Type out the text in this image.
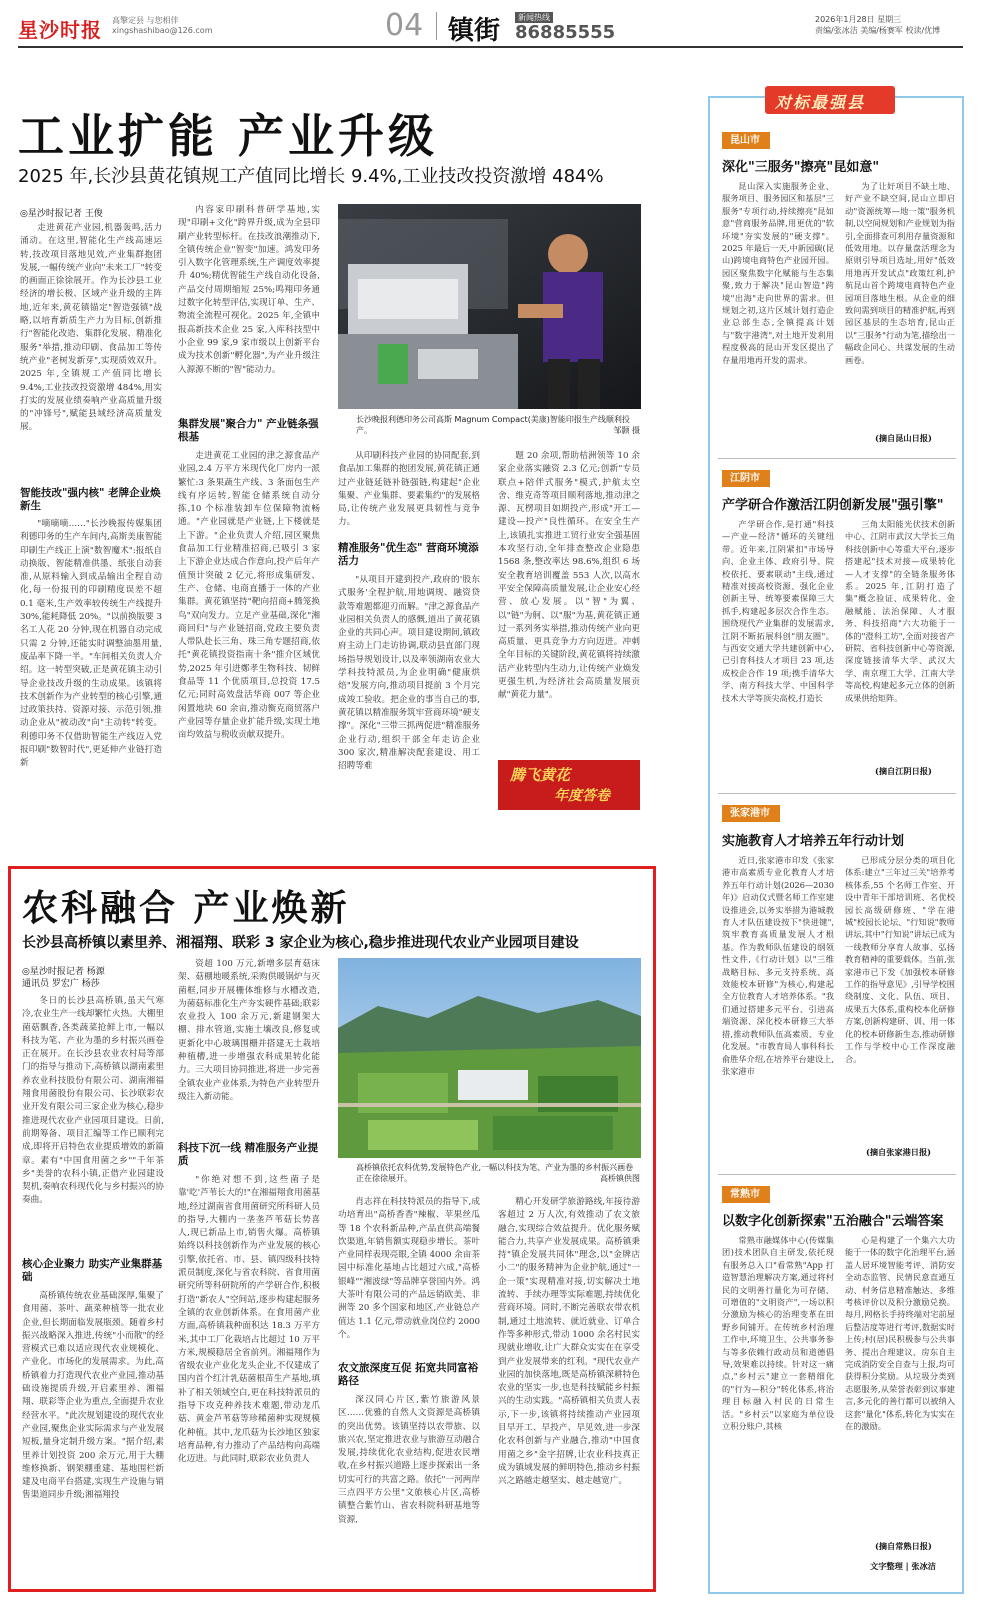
星沙时报 高擎定县 与您相伴
xingshashibao@126.com	04 镇街	新闻热线
86885555
2026年1月28日 星期三
责编/张冰洁 美编/杨赛军 校读/优博
工业扩能 产业升级
2025 年,长沙县黄花镇规工产值同比增长 9.4%,工业技改投资激增 484%
◎星沙时报记者 王俊

走进黄花产业园,机器轰鸣,活力涌动。在这里,智能化生产线高速运转,技改项目落地见效,产业集群抱团发展,一幅传统产业向"未来工厂"转变的画面正徐徐展开。作为长沙县工业经济的增长极、区域产业升级的主阵地,近年来,黄花镇锚定"智造强镇"战略,以培育新质生产力为目标,创新推行"智能化改造、集群化发展、精准化服务"举措,推动印刷、食品加工等传统产业"老树发新芽",实现质效双升。2025 年,全镇规工产值同比增长 9.4%,工业技改投资激增 484%,用实打实的发展业绩奏响产业高质量升级的"冲锋号",赋能县域经济高质量发展。

智能技改"强内核" 老牌企业焕新生

"嘀嘀嘀……"长沙晚报传媒集团利德印务的生产车间内,高斯美康智能印刷生产线正上演"数智魔术":报纸自动换版、智能精准供墨、纸张自动套准,从原料输入到成品输出全程自动化,每一份报刊的印刷精度误差不超 0.1 毫米,生产效率较传统生产线提升 30%,能耗降低 20%。"以前换版要 3 名工人花 20 分钟,现在机器自动完成只需 2 分钟,还能实时调整油墨用量,废品率下降一半。"车间相关负责人介绍。这一转型突破,正是黄花镇主动引导企业技改升级的生动成果。该镇将技术创新作为产业转型的核心引擎,通过政策扶持、资源对接、示范引领,推动企业从"被动改"向"主动转"转变。利德印务不仅借助智能生产线迈入党报印刷"数智时代",更延伸产业链打造新

内容家印刷科普研学基地,实现"印刷+文化"跨界升级,成为全县印刷产业转型标杆。在技改浪潮推动下,全镇传统企业"智变"加速。鸿发印务引入数字化管理系统,生产调度效率提升 40%;精优智能生产线自动化设备,产品交付周期缩短 25%;鸣翔印务通过数字化转型评估,实现订单、生产、物流全流程可视化。2025 年,全镇申报高新技术企业 25 家,入库科技型中小企业 99 家,9 家市级以上创新平台成为技术创新"孵化器",为产业升级注入源源不断的"智"能动力。

集群发展"聚合力" 产业链条强根基

走进黄花工业园的津之源食品产业园,2.4 万平方米现代化厂房内一派繁忙:3 条果蔬生产线、3 条面包生产线有序运转,智能仓储系统自动分拣,10 个标准装卸车位保障物流畅通。"产业园就是产业链,上下楼就是上下游。"企业负责人介绍,园区聚焦食品加工行业精准招商,已吸引 3 家上下游企业达成合作意向,投产后年产值预计突破 2 亿元,将形成集研发、生产、仓储、电商直播于一体的产业集群。黄花镇坚持"靶向招商+腾笼换鸟"双向发力。立足产业基础,深化"湘商回归"与产业链招商,党政主要负责人带队赴长三角、珠三角专题招商,依托"黄花镇投资指南十条"推介区域优势,2025 年引进鄭孝生物科技、韧鲜食品等 11 个优质项目,总投资 17.5 亿元;同时高效盘活华商 007 等企业闲置地块 60 余亩,推动衡克商贸落户产业园等存量企业扩能升级,实现土地亩均效益与税收贡献双提升。

长沙晚报利德印务公司高斯 Magnum Compact(美康)智能印报生产线顺利投产。	邹颢 摄

从印刷科技产业园的协同配套,到食品加工集群的抱团发展,黄花镇正通过产业链延链补链强链,构建起"企业集聚、产业集群、要素集约"的发展格局,让传统产业发展更具韧性与竞争力。

精准服务"优生态" 营商环境添活力

"从项目开建到投产,政府的'股东式服务'全程护航,用地调规、融资贷款等难题都迎刃而解。"津之源食品产业园相关负责人的感慨,道出了黄花镇企业的共同心声。项目建设期间,镇政府主动上门走访协调,联动县直部门现场指导规划设计,以及率领湖南农业大学科技特派员,为企业明确"健康烘焙"发展方向,推动项目提前 3 个月完成竣工验收。把企业的事当自己的事,黄花镇以精准服务筑牢营商环境"硬支撑"。深化"三带三抓两促进"精准服务企业行动,组织干部全年走访企业 300 家次,精准解决配套建设、用工招聘等难

题 20 余项,帮助桔洲领等 10 余家企业落实融资 2.3 亿元;创新"专员联点+陪伴式服务"模式,护航太空舍、维克奇等项目顺利落地,推动津之源、瓦楞项目如期投产,形成"开工—建设—投产"良性循环。在安全生产上,该镇扎实推进工贸行业安全强基固本攻坚行动,全年排查整改企业隐患 1568 条,整改率达 98.6%,组织 6 场安全教育培训覆盖 553 人次,以高水平安全保障高质量发展,让企业安心经营、放心发展。以"智"为翼、以"链"为舸、以"服"为基,黄花镇正通过一系列务实举措,推动传统产业向更高质量、更具竞争力方向迈进。冲刺全年目标的关键阶段,黄花镇将持续激活产业转型内生动力,让传统产业焕发更强生机,为经济社会高质量发展贡献"黄花力量"。

腾飞黄花
年度答卷
农科融合 产业焕新
长沙县高桥镇以素里养、湘福翔、联彩 3 家企业为核心,稳步推进现代农业产业园项目建设
◎星沙时报记者 杨源
通讯员 罗宏广 杨莎

冬日的长沙县高桥镇,虽天气寒冷,农业生产一线却繁忙火热。大棚里菌菇飘香,各类蔬菜抢鲜上市,一幅以科技为笔、产业为墨的乡村振兴画卷正在展开。在长沙县农业农村局等部门的指导与推动下,高桥镇以湖南素里养农业科技股份有限公司、湖南湘福翔食用菌股份有限公司、长沙联彩农业开发有限公司三家企业为核心,稳步推进现代农业产业园项目建设。日前,前期筹备、项目汇编等工作已顺利完成,即将开启特色农业提质增效的新篇章。素有"中国食用菌之乡""千年茶乡"美誉的农科小镇,正借产业园建设契机,奏响农科现代化与乡村振兴的协奏曲。

核心企业聚力 助实产业集群基础

高桥镇传统农业基础深厚,集聚了食用菌、茶叶、蔬菜种植等一批农业企业,但长期面临发展瓶颈。随着乡村振兴战略深入推进,传统"小而散"的经营模式已难以适应现代农业规模化、产业化、市场化的发展需求。为此,高桥镇着力打造现代农业产业园,推动基础设施提质升级,开启素里养、湘福翔、联彩等企业为重点,全面提升农业经营水平。"此次规划建设的现代农业产业园,聚焦企业实际需求与产业发展短板,量身定制升级方案。"据介绍,素里养计划投资 200 余万元,用于大棚维修换新、钢架棚重建、基地围栏新建及电商平台搭建,实现生产设施与销售渠道同步升级;湘福翔投

资超 100 万元,新增多层育菇床架、菇棚地暖系统,采购供暖锅炉与灭菌框,同步开展栅体维修与水槽改造,为菌菇标准化生产夯实硬件基础;联彩农业投入 100 余万元,新建钢架大棚、排水管道,实施土壤改良,修复或更新化中心玻璃围栅并搭建无土栽培种植槽,进一步增强农科成果转化能力。三大项目协同推进,将进一步完善全镇农业产业体系,为特色产业转型升级注入新动能。

科技下沉一线 精准服务产业提质

"你绝对想不到,这些菌子是靠'吃'芦苇长大的!"在湘福翔食用菌基地,经过湖南省食用菌研究所科研人员的指导,大棚内一垄垄芦苇菇长势喜人,现已新品上市,销售火爆。高桥镇始终以科技创新作为产业发展的核心引擎,依托省、市、县、镇四级科技特派员制度,深化与省农科院、省食用菌研究所等科研院所的产学研合作,积极打造"新农人"空间站,逐步构建起服务全镇的农业创新体系。在食用菌产业方面,高桥镇栽种面积达 18.3 万平方米,其中工厂化栽培占比超过 10 万平方米,规模稳居全省前列。湘福翔作为省级农业产业化龙头企业,不仅建成了国内首个红汁乳菇菌根苗生产基地,填补了相关领域空白,更在科技特派员的指导下攻克种养技术难题,带动龙爪菇、黄金芦苇菇等珍稀菌种实现规模化种植。其中,龙爪菇为长沙地区独家培育品种,有力推动了产品结构向高端化迈进。与此同时,联彩农业负责人

高桥镇依托农科优势,发展特色产业,一幅以科技为笔、产业为墨的乡村振兴画卷正在徐徐展开。	高桥镇供图

肖志祥在科技特派员的指导下,成功培育出"高桥香香"辣椒、苹果丝瓜等 18 个农科新品种,产品直供高端餐饮渠道,年销售额实现稳步增长。茶叶产业同样表现亮眼,全镇 4000 余亩茶园中标准化基地占比超过六成,"高桥银峰""湘波绿"等品牌享誉国内外。鸿大茶叶有限公司的产品远销欧美、非洲等 20 多个国家和地区,产业链总产值达 1.1 亿元,带动就业岗位约 2000 个。

农文旅深度互促 拓宽共同富裕路径

深汉同心片区,紫竹旅游风景区……优雅的自然人文资源是高桥镇的突出优势。该镇坚持以农带旅、以旅兴农,坚定推进农业与旅游互动融合发展,持续优化农业结构,促进农民增收,在乡村振兴道路上逐步探索出一条切实可行的共富之路。依托"一河两岸三点四平方公里"文旅核心片区,高桥镇整合紫竹山、省农科院科研基地等资源,

精心开发研学旅游路线,年接待游客超过 2 万人次,有效推动了农文旅融合,实现综合效益提升。优化服务赋能合力,共享产业发展成果。高桥镇秉持"镇企发展共同体"理念,以"金牌店小二"的服务精神为企业护航,通过"一企一策"实现精准对接,切实解决土地流转、手续办理等实际难题,持续优化营商环境。同时,不断完善联农带农机制,通过土地流转、就近就业、订单合作等多种形式,带动 1000 余名村民实现就业增收,让广大群众实实在在享受到产业发展带来的红利。"现代农业产业园的加快落地,既是高桥镇深耕特色农业的坚实一步,也是科技赋能乡村振兴的生动实践。"高桥镇相关负责人表示,下一步,该镇将持续推动产业园项目早开工、早投产、早见效,进一步深化农科创新与产业融合,推动"中国食用菌之乡"金字招牌,让农业科技真正成为镇域发展的鲜明特色,推动乡村振兴之路越走越坚实、越走越宽广。

对标最强县
昆山市
深化"三服务"擦亮"昆如意"

昆山深入实施服务企业、服务项目、服务园区和基层"三服务"专项行动,持续擦亮"昆如意"营商服务品牌,用更优的"软环境"夯实发展的"硬支撑"。2025 年最后一天,中新园碳(昆山)跨境电商特色产业园开园。园区聚焦数字化赋能与生态集聚,致力于解决"昆山智造"跨境"出海"走向世界的需求。但规划之初,这片区域计划打造企业总部生态,全镇提高计划与"数字港湾",对土地开发利用程度极高的昆山开发区提出了存量用地再开发的需求。

为了让好项目不缺土地、好产业不缺空间,昆山立即启动"资源统筹—地一策"服务机制,以空间规划和产业规划为指引,全面排查可利用存量资源和低效用地。以存量盘活理念为原则引导项目选址,用好"低效用地再开发试点"政策红利,护航昆山首个跨境电商特色产业园项目落地生根。从企业的细致问需到项目的精准护航,再到园区基层的生态培育,昆山正以"三服务"行动为笔,描绘出一幅政企同心、共谋发展的生动画卷。

(摘自昆山日报)
江阴市
产学研合作激活江阴创新发展"强引擎"

产学研合作,是打通"科技—产业—经济"循环的关键纽带。近年来,江阴紧扣"市场导向、企业主体、政府引导、院校依托、要素联动"主线,通过精准对接高校资源、强化企业创新主导、统筹要素保障三大抓手,构建起多层次合作生态。围绕现代产业集群的发展需求,江阴不断拓展科创"朋友圈"。与西安交通大学共建创新中心,已引育科技人才项目 23 项,达成校企合作 19 项;携手清华大学、南方科技大学、中国科学技术大学等顶尖高校,打造长

三角太阳能光伏技术创新中心、江阴市武汉大学长三角科技创新中心等重大平台,逐步搭建起"技术对接—成果转化—人才支撑"的全链条服务体系。2025 年,江阴打造了集"概念验证、成果转化、金融赋能、法治保障、人才服务、科技招商"六大功能于一体的"澄科工坊",全面对接省产研院、省科技创新中心等资源,深度链接清华大学、武汉大学、南京理工大学、江南大学等高校,构建起多元立体的创新成果供给矩阵。

(摘自江阴日报)
张家港市
实施教育人才培养五年行动计划

近日,张家港市印发《张家港市高素质专业化教育人才培养五年行动计划(2026—2030 年)》启动仪式暨名师工作室建设推进会,以务实举措为港城教育人才队伍建设按下"快进键",筑牢教育高质量发展人才根基。作为教师队伍建设的纲领性文件,《行动计划》以"三维战略目标、多元支持系统、高效能校本研修"为核心,构建起全方位教育人才培养体系。"我们通过搭建多元平台、引进高端资源、深化校本研修三大举措,推动教师队伍高素质、专业化发展。"市教育局人事科科长俞胜华介绍,在培养平台建设上,张家港市

已形成分层分类的项目化体系:建立"三年过三关"培养考核体系,55 个名师工作室、开设中青年干部培训班、名优校园长高级研修班、"学在港城"校园长论坛、"行知说"教师讲坛,其中"行知说"讲坛已成为一线教师分享育人故事、弘扬教育精神的重要载体。当前,张家港市已下发《加强校本研修工作的指导意见》,引导学校围绕制度、文化、队伍、项目、成果五大体系,重构校本化研修方案,创新构建研、训、用一体化的校本研修新生态,推动研修工作与学校中心工作深度融合。

(摘自张家港日报)
常熟市
以数字化创新探索"五治融合"云端答案

常熟市融媒体中心(传媒集团)技术团队自主研发,依托现有服务总入口"看常熟"App 打造智慧治理解决方案,通过将村民的文明善行量化为可存储、可增值的"文明资产",一场以积分激励为核心的治理变革在田野乡间铺开。在传统乡村治理工作中,环境卫生、公共事务参与等多依赖行政动员和道德倡导,效果难以持续。针对这一痛点,"乡村云"建立一套精细化的"行为—积分"转化体系,将治理目标融入村民的日常生活。"乡村云"以家庭为单位设立积分账户,其核

心是构建了一个集六大功能于一体的数字化治理平台,涵盖人居环境智能考评、消防安全动态监管、民情民意直通互动、村务信息精准触达、多维考核评价以及积分激励兑换。每月,网格长手持终端对宅前屋后整洁度等进行考评,数据实时上传;村(居)民积极参与公共事务、提出合理建议、房东自主完成消防安全自查与上报,均可获得积分奖励。从垃圾分类到志愿服务,从荣誉表彰到议事建言,多元化的善行都可以被纳入这套"量化"体系,转化为实实在在的激励。

(摘自常熟日报)
文字整理 | 张冰洁
